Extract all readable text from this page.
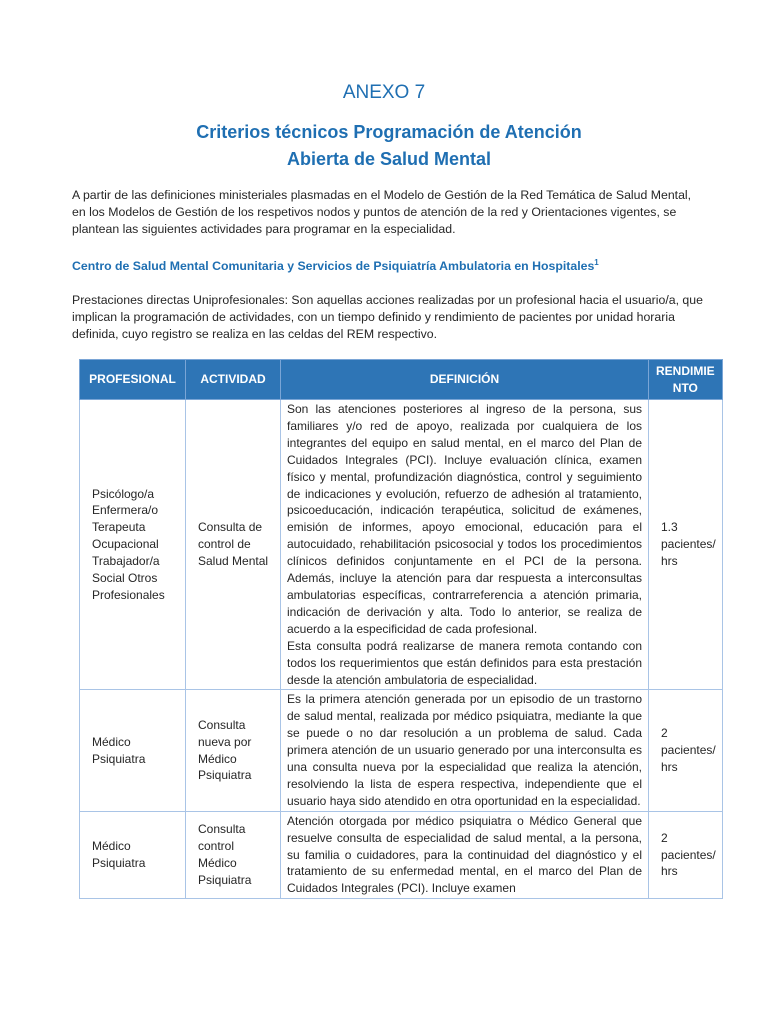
ANEXO 7
Criterios técnicos Programación de Atención
Abierta de Salud Mental

A partir de las definiciones ministeriales plasmadas en el Modelo de Gestión de la Red Temática de Salud Mental,

en los Modelos de Gestión de los respetivos nodos y puntos de atención de la red y Orientaciones vigentes, se

plantean las siguientes actividades para programar en la especialidad.

Centro de Salud Mental Comunitaria y Servicios de Psiquiatría Ambulatoria en Hospitales$^1$

Prestaciones directas Uniprofesionales: Son aquellas acciones realizadas por un profesional hacia el usuario/a, que

implican la programación de actividades, con un tiempo definido y rendimiento de pacientes por unidad horaria

definida, cuyo registro se realiza en las celdas del REM respectivo.

PROFESIONAL	ACTIVIDAD	DEFINICIÓN	RENDIMIE NTO
Psicólogo/a Enfermera/o Terapeuta Ocupacional Trabajador/a Social Otros Profesionales	Consulta de control de Salud Mental	Son las atenciones posteriores al ingreso de la persona, sus familiares y/o red de apoyo, realizada por cualquiera de los integrantes del equipo en salud mental, en el marco del Plan de Cuidados Integrales (PCI). Incluye evaluación clínica, examen físico y mental, profundización diagnóstica, control y seguimiento de indicaciones y evolución, refuerzo de adhesión al tratamiento, psicoeducación, indicación terapéutica, solicitud de exámenes, emisión de informes, apoyo emocional, educación para el autocuidado, rehabilitación psicosocial y todos los procedimientos clínicos definidos conjuntamente en el PCI de la persona. Además, incluye la atención para dar respuesta a interconsultas ambulatorias específicas, contrarreferencia a atención primaria, indicación de derivación y alta. Todo lo anterior, se realiza de acuerdo a la especificidad de cada profesional.
Esta consulta podrá realizarse de manera remota contando con todos los requerimientos que están definidos para esta prestación desde la atención ambulatoria de especialidad.	1.3 pacientes/ hrs
Médico Psiquiatra	Consulta nueva por Médico Psiquiatra	Es la primera atención generada por un episodio de un trastorno de salud mental, realizada por médico psiquiatra, mediante la que se puede o no dar resolución a un problema de salud. Cada primera atención de un usuario generado por una interconsulta es una consulta nueva por la especialidad que realiza la atención, resolviendo la lista de espera respectiva, independiente que el usuario haya sido atendido en otra oportunidad en la especialidad.	2 pacientes/ hrs
Médico Psiquiatra	Consulta control Médico Psiquiatra	Atención otorgada por médico psiquiatra o Médico General que resuelve consulta de especialidad de salud mental, a la persona, su familia o cuidadores, para la continuidad del diagnóstico y el tratamiento de su enfermedad mental, en el marco del Plan de Cuidados Integrales (PCI). Incluye examen	2 pacientes/ hrs
